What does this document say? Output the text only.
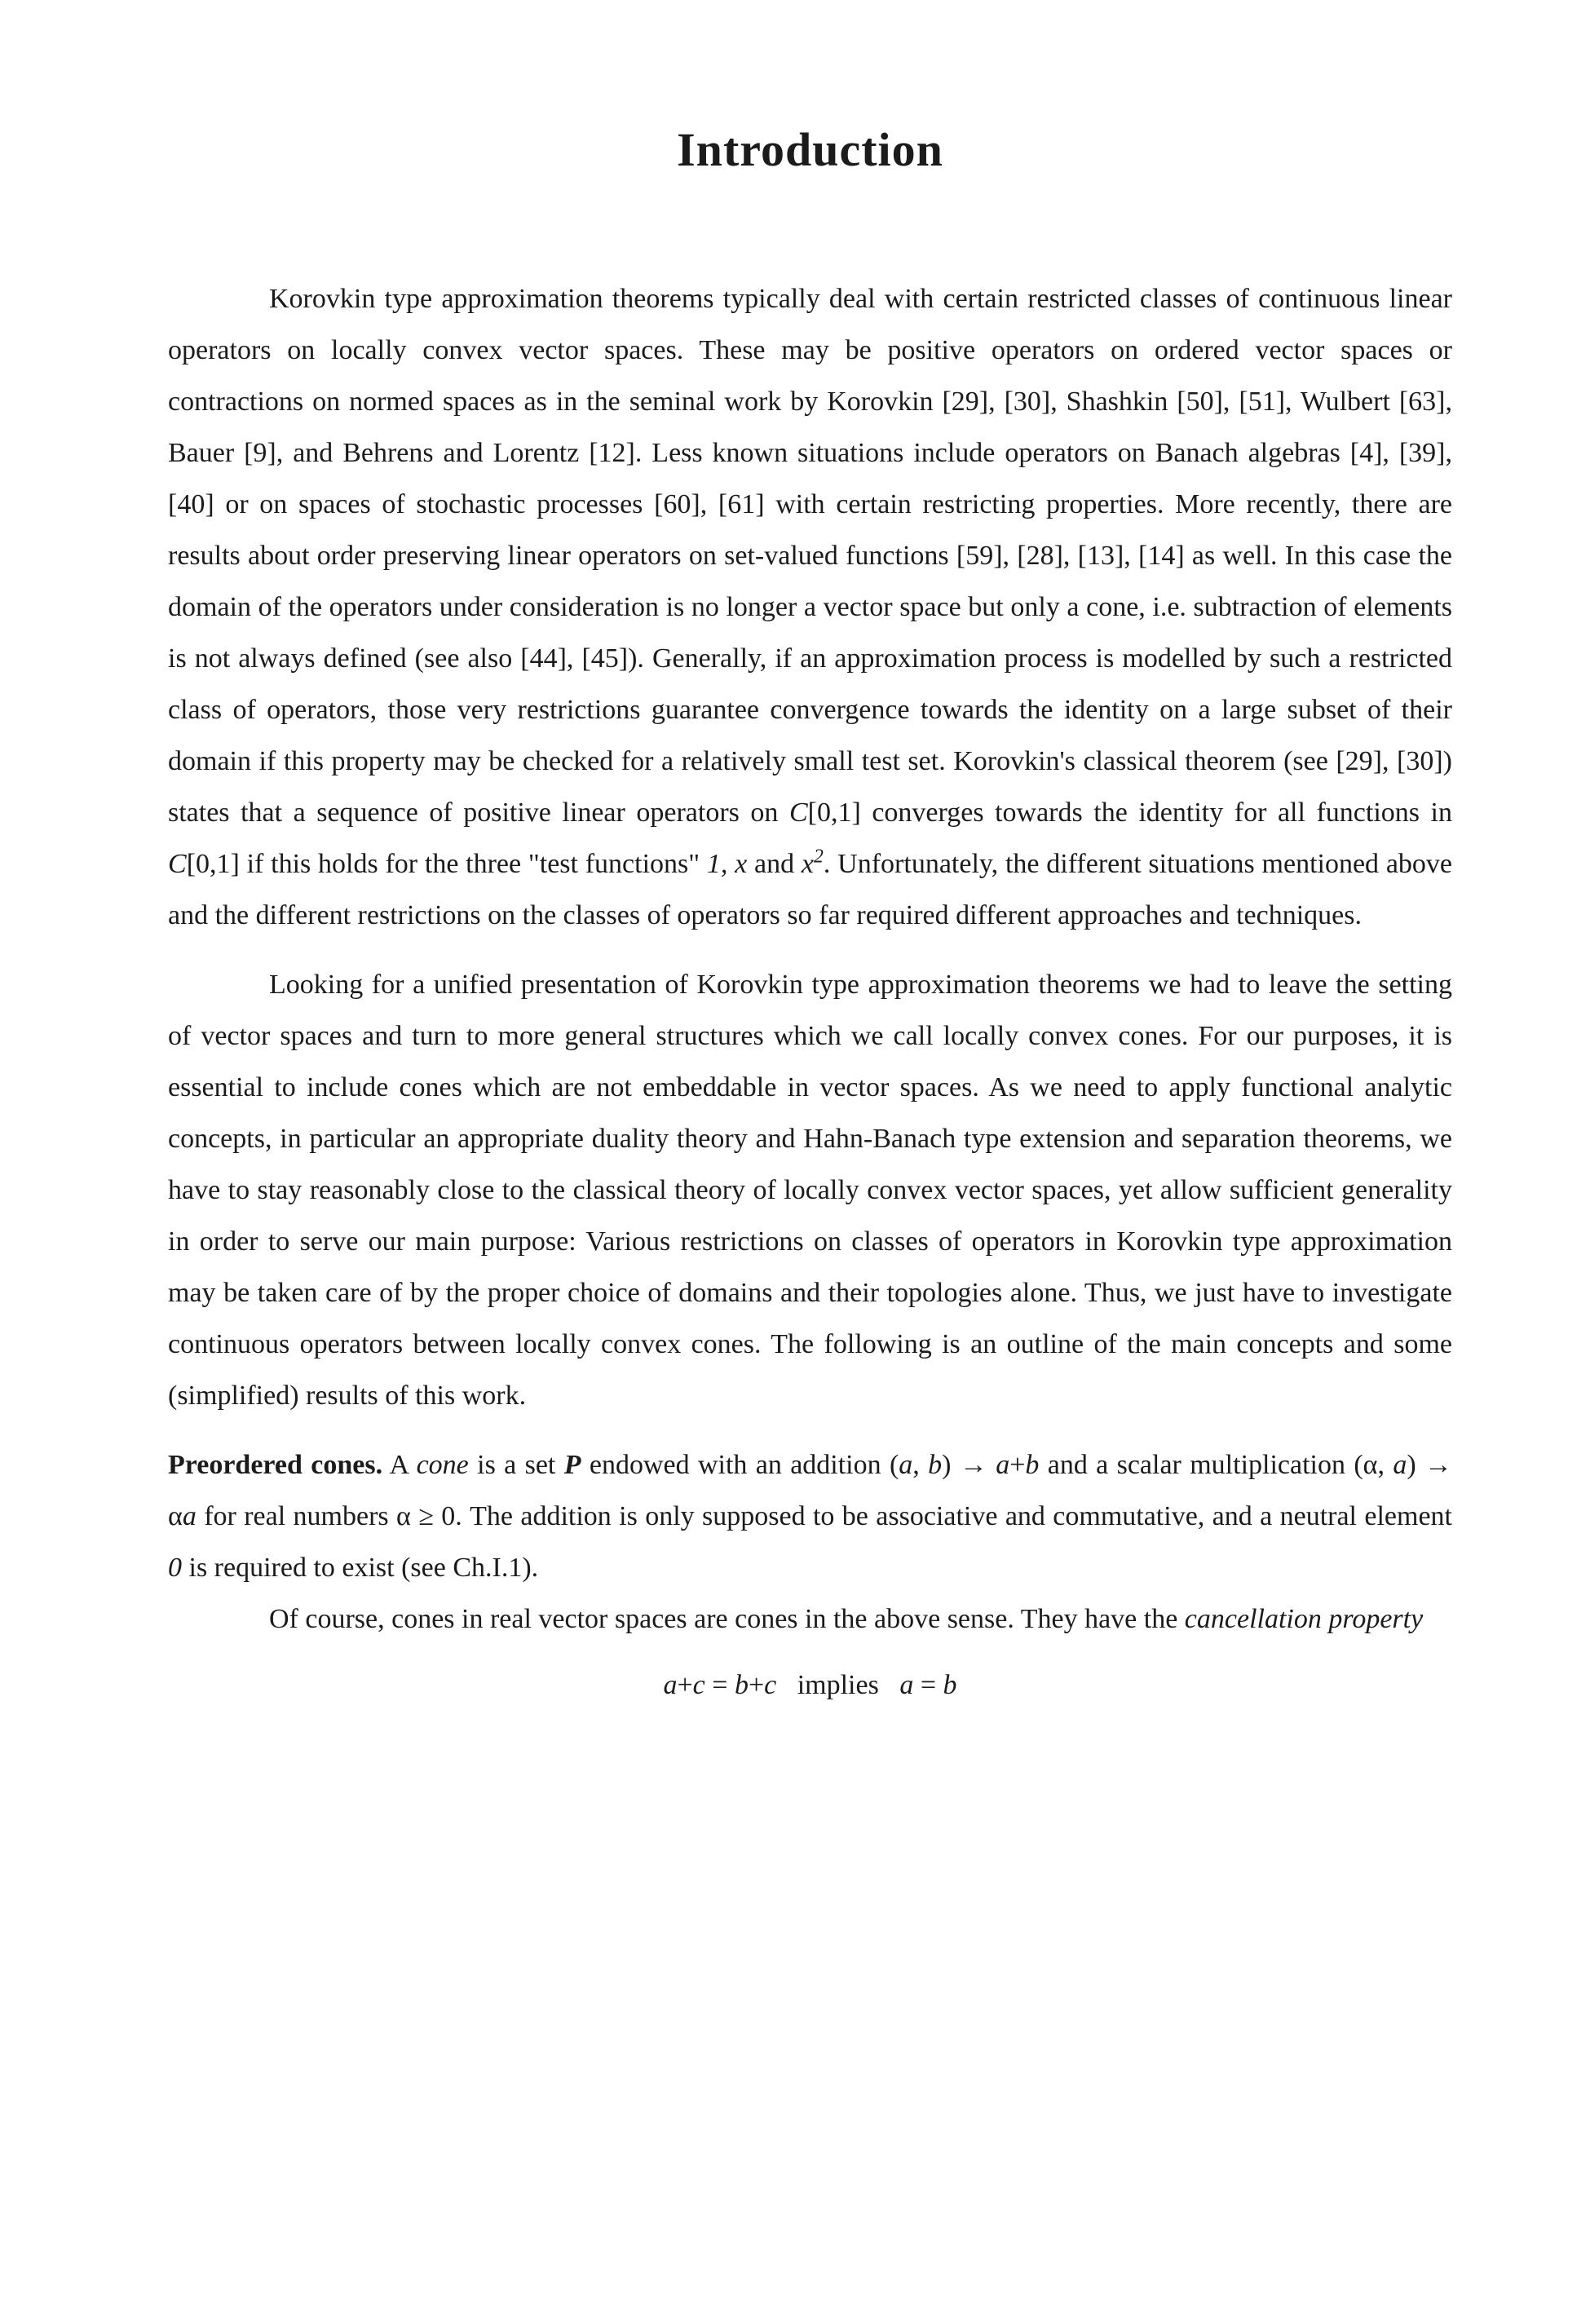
Introduction

Korovkin type approximation theorems typically deal with certain restricted classes of continuous linear operators on locally convex vector spaces. These may be positive operators on ordered vector spaces or contractions on normed spaces as in the seminal work by Korovkin [29], [30], Shashkin [50], [51], Wulbert [63], Bauer [9], and Behrens and Lorentz [12]. Less known situations include operators on Banach algebras [4], [39], [40] or on spaces of stochastic processes [60], [61] with certain restricting properties. More recently, there are results about order preserving linear operators on set-valued functions [59], [28], [13], [14] as well. In this case the domain of the operators under consideration is no longer a vector space but only a cone, i.e. subtraction of elements is not always defined (see also [44], [45]). Generally, if an approximation process is modelled by such a restricted class of operators, those very restrictions guarantee convergence towards the identity on a large subset of their domain if this property may be checked for a relatively small test set. Korovkin's classical theorem (see [29], [30]) states that a sequence of positive linear operators on C[0,1] converges towards the identity for all functions in C[0,1] if this holds for the three "test functions" 1, x and $x^2$. Unfortunately, the different situations mentioned above and the different restrictions on the classes of operators so far required different approaches and techniques.

Looking for a unified presentation of Korovkin type approximation theorems we had to leave the setting of vector spaces and turn to more general structures which we call locally convex cones. For our purposes, it is essential to include cones which are not embeddable in vector spaces. As we need to apply functional analytic concepts, in particular an appropriate duality theory and Hahn-Banach type extension and separation theorems, we have to stay reasonably close to the classical theory of locally convex vector spaces, yet allow sufficient generality in order to serve our main purpose: Various restrictions on classes of operators in Korovkin type approximation may be taken care of by the proper choice of domains and their topologies alone. Thus, we just have to investigate continuous operators between locally convex cones. The following is an outline of the main concepts and some (simplified) results of this work.

Preordered cones. A cone is a set P endowed with an addition (a, b) → a+b and a scalar multiplication (α, a) → αa for real numbers α ≥ 0. The addition is only supposed to be associative and commutative, and a neutral element 0 is required to exist (see Ch.I.1).

Of course, cones in real vector spaces are cones in the above sense. They have the cancellation property

a+c = b+c   implies   a = b
